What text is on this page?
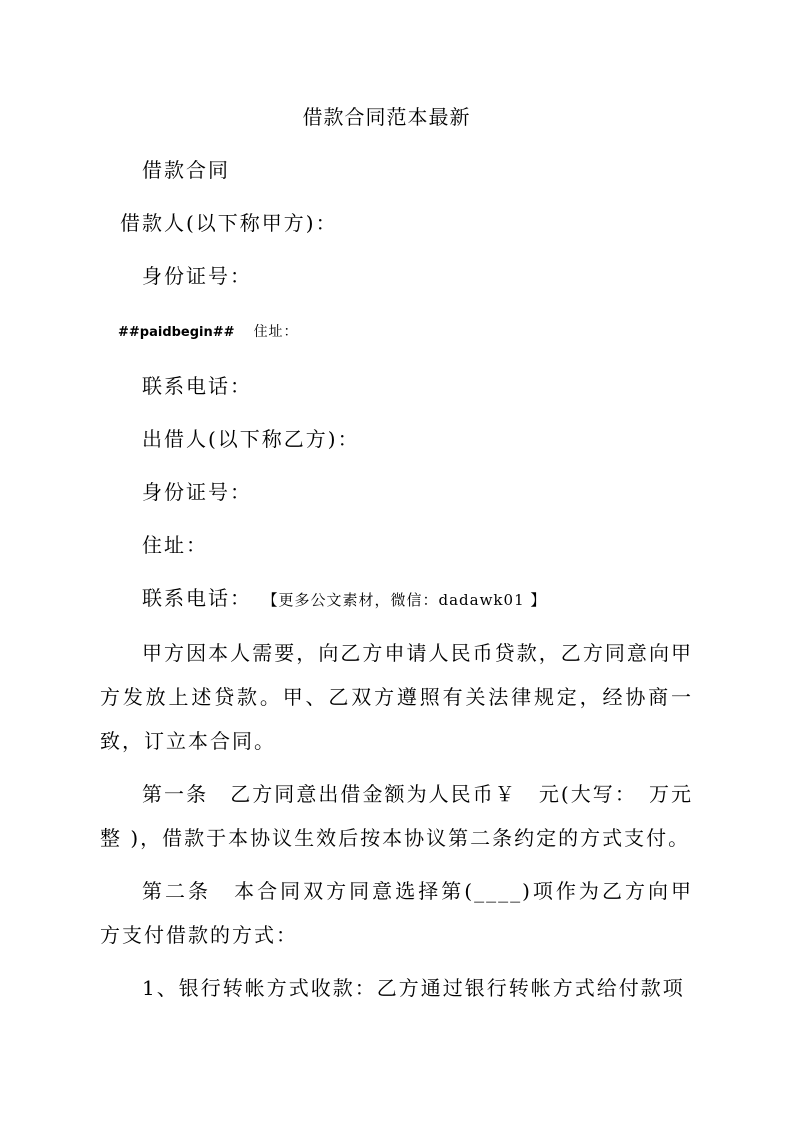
借款合同范本最新

借款合同

借款人(以下称甲方)：

身份证号：

##paidbegin## 住址：

联系电话：

出借人(以下称乙方)：

身份证号：

住址：

联系电话： 【更多公文素材，微信：dadawk01 】

甲方因本人需要，向乙方申请人民币贷款，乙方同意向甲方发放上述贷款。甲、乙双方遵照有关法律规定，经协商一致，订立本合同。

第一条　乙方同意出借金额为人民币￥　元(大写：　万元整 )，借款于本协议生效后按本协议第二条约定的方式支付。

第二条　本合同双方同意选择第(____)项作为乙方向甲方支付借款的方式：

1、银行转帐方式收款：乙方通过银行转帐方式给付款项
